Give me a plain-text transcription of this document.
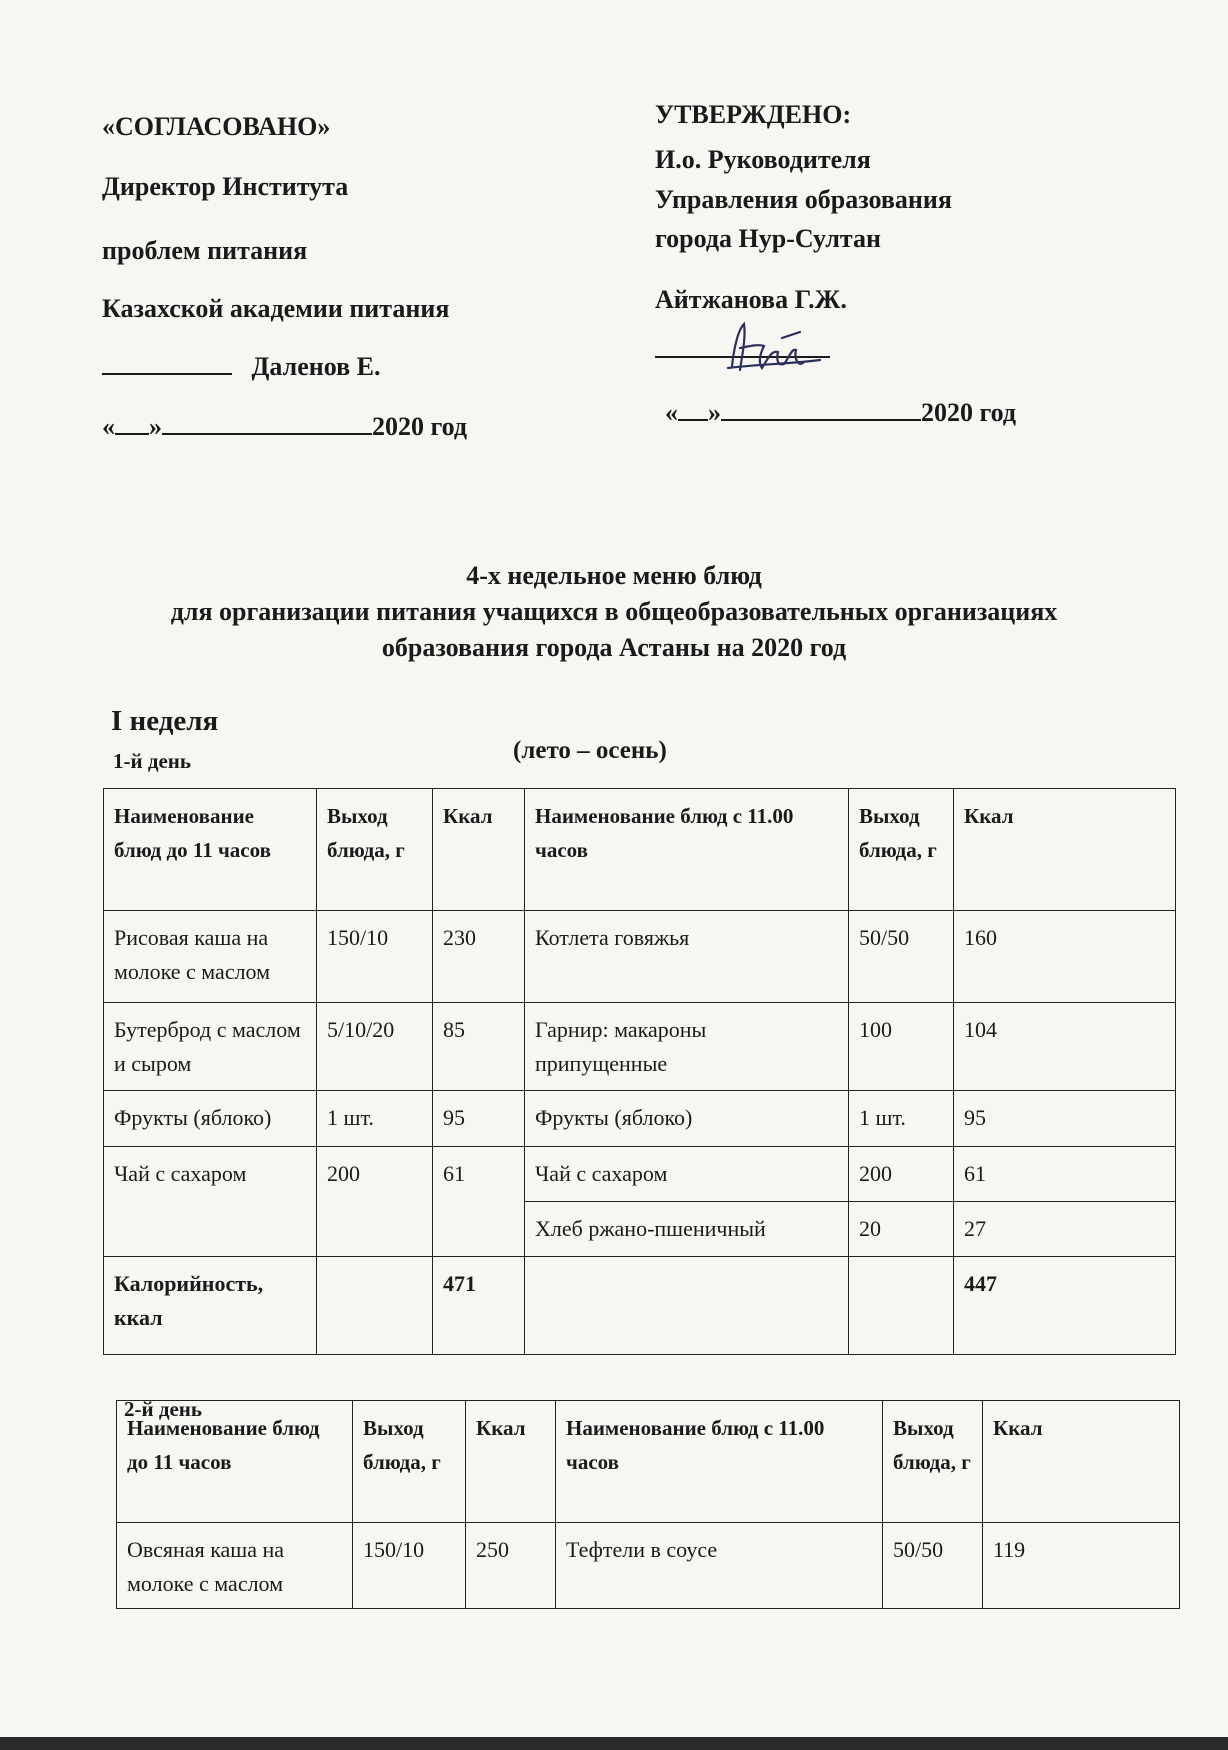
«СОГЛАСОВАНО»
Директор Института
проблем питания
Казахской академии питания
Даленов Е.
« »	2020 год
УТВЕРЖДЕНО:
И.о. Руководителя
Управления образования
города Нур-Султан
Айтжанова Г.Ж.

« »	2020 год
4-х недельное меню блюд
для организации питания учащихся в общеобразовательных организациях
образования города Астаны на 2020 год
I неделя
1-й день	(лето – осень)
Наименование блюд до 11 часов	Выход блюда, г	Ккал	Наименование блюд с 11.00 часов	Выход блюда, г	Ккал
Рисовая каша на молоке с маслом	150/10	230	Котлета говяжья	50/50	160
Бутерброд с маслом и сыром	5/10/20	85	Гарнир: макароны припущенные	100	104
Фрукты (яблоко)	1 шт.	95	Фрукты (яблоко)	1 шт.	95
Чай с сахаром	200	61	Чай с сахаром	200	61
			Хлеб ржано-пшеничный	20	27
Калорийность, ккал		471			447
2-й день
Наименование блюд до 11 часов	Выход блюда, г	Ккал	Наименование блюд с 11.00 часов	Выход блюда, г	Ккал
Овсяная каша на молоке с маслом	150/10	250	Тефтели в соусе	50/50	119
